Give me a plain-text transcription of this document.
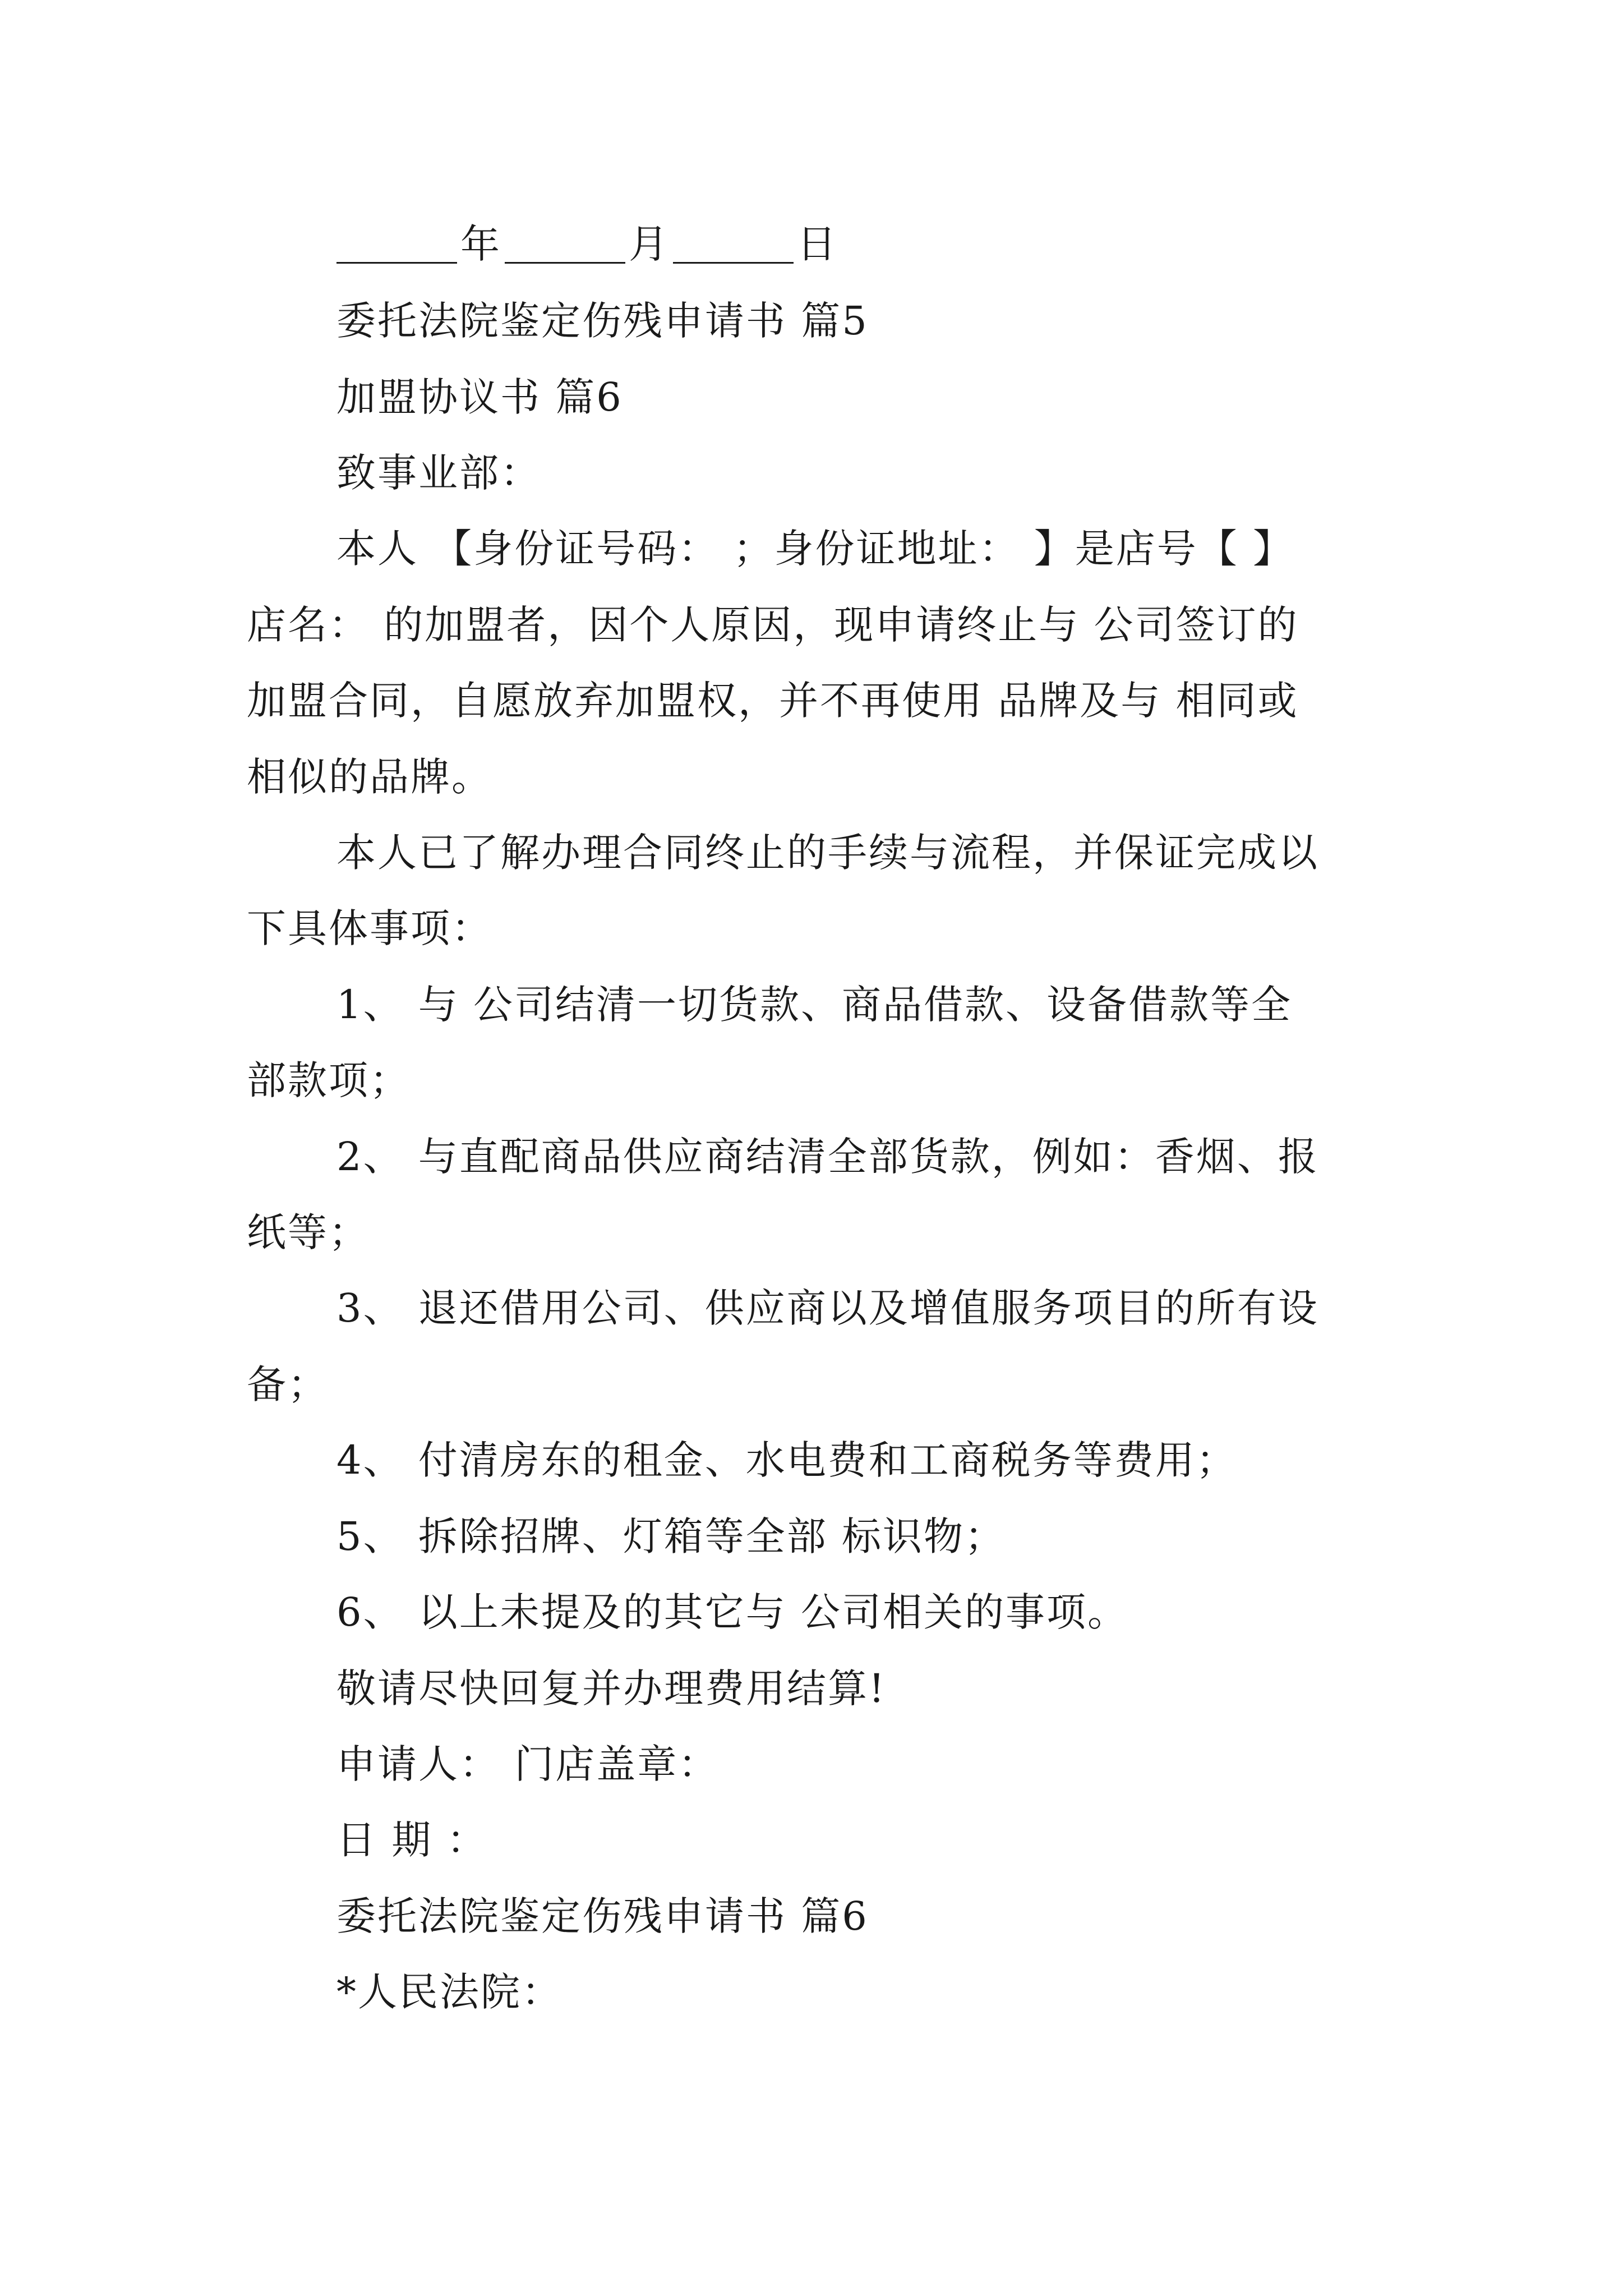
年	月	日
委托法院鉴定伤残申请书 篇5
加盟协议书 篇6
致事业部：
本人 【身份证号码： ；身份证地址： 】是店号【 】
店名： 的加盟者，因个人原因，现申请终止与 公司签订的
加盟合同，自愿放弃加盟权，并不再使用 品牌及与 相同或
相似的品牌。
本人已了解办理合同终止的手续与流程，并保证完成以
下具体事项：
1、 与 公司结清一切货款、商品借款、设备借款等全
部款项；
2、 与直配商品供应商结清全部货款，例如：香烟、报
纸等；
3、 退还借用公司、供应商以及增值服务项目的所有设
备；
4、 付清房东的租金、水电费和工商税务等费用；
5、 拆除招牌、灯箱等全部 标识物；
6、 以上未提及的其它与 公司相关的事项。
敬请尽快回复并办理费用结算!
申请人： 门店盖章：
日 期 ：
委托法院鉴定伤残申请书 篇6
*人民法院：
